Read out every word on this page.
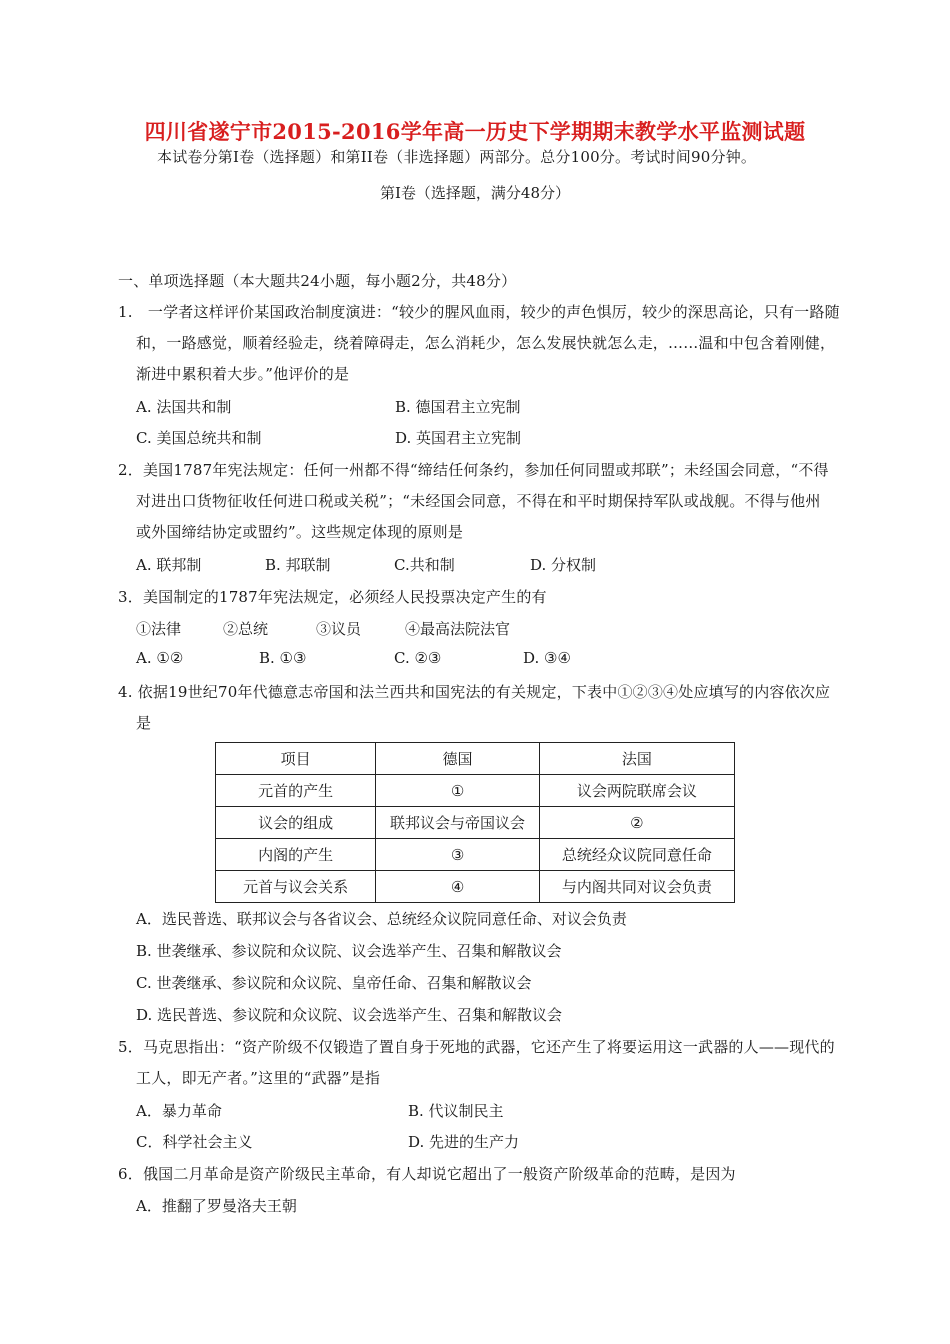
四川省遂宁市2015-2016学年高一历史下学期期末教学水平监测试题
本试卷分第I卷（选择题）和第II卷（非选择题）两部分。总分100分。考试时间90分钟。
第I卷（选择题，满分48分）
一、单项选择题（本大题共24小题，每小题2分，共48分）
1.　一学者这样评价某国政治制度演进：“较少的腥风血雨，较少的声色惧厉，较少的深思高论，只有一路随
和，一路感觉，顺着经验走，绕着障碍走，怎么消耗少，怎么发展快就怎么走，……温和中包含着刚健，
渐进中累积着大步。”他评价的是
A. 法国共和制	B. 德国君主立宪制
C. 美国总统共和制	D. 英国君主立宪制
2．美国1787年宪法规定：任何一州都不得“缔结任何条约，参加任何同盟或邦联”；未经国会同意，“不得
对进出口货物征收任何进口税或关税”；“未经国会同意，不得在和平时期保持军队或战舰。不得与他州
或外国缔结协定或盟约”。这些规定体现的原则是
A. 联邦制	B. 邦联制	C.共和制	D. 分权制
3．美国制定的1787年宪法规定，必须经人民投票决定产生的有
①法律	②总统	③议员	④最高法院法官
A. ①②	B. ①③	C. ②③	D. ③④
4. 依据19世纪70年代德意志帝国和法兰西共和国宪法的有关规定，下表中①②③④处应填写的内容依次应
是
项目	德国	法国
元首的产生	①	议会两院联席会议
议会的组成	联邦议会与帝国议会	②
内阁的产生	③	总统经众议院同意任命
元首与议会关系	④	与内阁共同对议会负责
A．选民普选、联邦议会与各省议会、总统经众议院同意任命、对议会负责
B. 世袭继承、参议院和众议院、议会选举产生、召集和解散议会
C. 世袭继承、参议院和众议院、皇帝任命、召集和解散议会
D. 选民普选、参议院和众议院、议会选举产生、召集和解散议会
5．马克思指出：“资产阶级不仅锻造了置自身于死地的武器，它还产生了将要运用这一武器的人——现代的
工人，即无产者。”这里的“武器”是指
A．暴力革命	B. 代议制民主
C．科学社会主义	D. 先进的生产力
6．俄国二月革命是资产阶级民主革命，有人却说它超出了一般资产阶级革命的范畴，是因为
A．推翻了罗曼洛夫王朝
